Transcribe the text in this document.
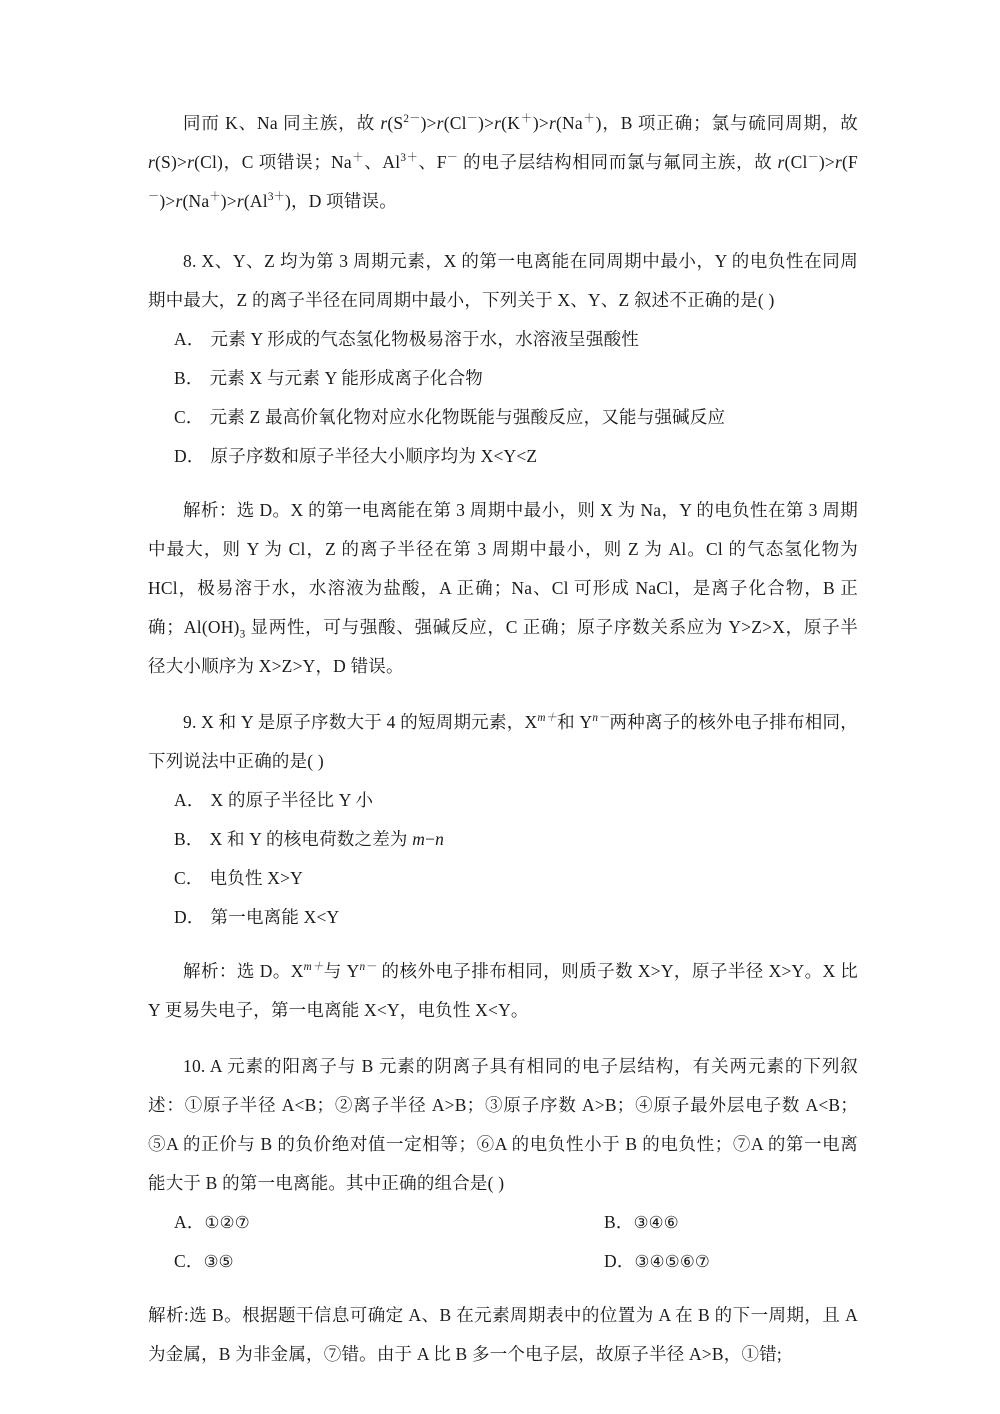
同而 K、Na 同主族，故 $r(S^{2-})>r(Cl^-)>r(K^+)>r(Na^+)$，B 项正确；氯与硫同周期，故 r(S)>r(Cl)，C 项错误；Na＋、$Al^{3+}$、F－ 的电子层结构相同而氯与氟同主族，故 $r(Cl^-)>r(F^-)>r(Na^+)>r(Al^{3+})$，D 项错误。
8. X、Y、Z 均为第 3 周期元素，X 的第一电离能在同周期中最小，Y 的电负性在同周期中最大，Z 的离子半径在同周期中最小，下列关于 X、Y、Z 叙述不正确的是( )
A． 元素 Y 形成的气态氢化物极易溶于水，水溶液呈强酸性
B． 元素 X 与元素 Y 能形成离子化合物
C． 元素 Z 最高价氧化物对应水化物既能与强酸反应，又能与强碱反应
D． 原子序数和原子半径大小顺序均为 X<Y<Z
解析：选 D。X 的第一电离能在第 3 周期中最小，则 X 为 Na，Y 的电负性在第 3 周期中最大，则 Y 为 Cl，Z 的离子半径在第 3 周期中最小，则 Z 为 Al。Cl 的气态氢化物为 HCl，极易溶于水，水溶液为盐酸，A 正确；Na、Cl 可形成 NaCl，是离子化合物，B 正确；$Al(OH)_3$ 显两性，可与强酸、强碱反应，C 正确；原子序数关系应为 Y>Z>X，原子半径大小顺序为 X>Z>Y，D 错误。
9. X 和 Y 是原子序数大于 4 的短周期元素，$X^{m+}$和 $Y^{n-}$两种离子的核外电子排布相同，下列说法中正确的是( )
A． X 的原子半径比 Y 小
B． X 和 Y 的核电荷数之差为 m−n
C． 电负性 X>Y
D． 第一电离能 X<Y
解析：选 D。$X^{m+}$与 $Y^{n-}$ 的核外电子排布相同，则质子数 X>Y，原子半径 X>Y。X 比 Y 更易失电子，第一电离能 X<Y，电负性 X<Y。
10. A 元素的阳离子与 B 元素的阴离子具有相同的电子层结构，有关两元素的下列叙述：①原子半径 A<B；②离子半径 A>B；③原子序数 A>B；④原子最外层电子数 A<B；⑤A 的正价与 B 的负价绝对值一定相等；⑥A 的电负性小于 B 的电负性；⑦A 的第一电离能大于 B 的第一电离能。其中正确的组合是( )
A．①②⑦	B．③④⑥
C．③⑤	D．③④⑤⑥⑦
解析:选 B。根据题干信息可确定 A、B 在元素周期表中的位置为 A 在 B 的下一周期，且 A 为金属，B 为非金属，⑦错。由于 A 比 B 多一个电子层，故原子半径 A>B，①错;
